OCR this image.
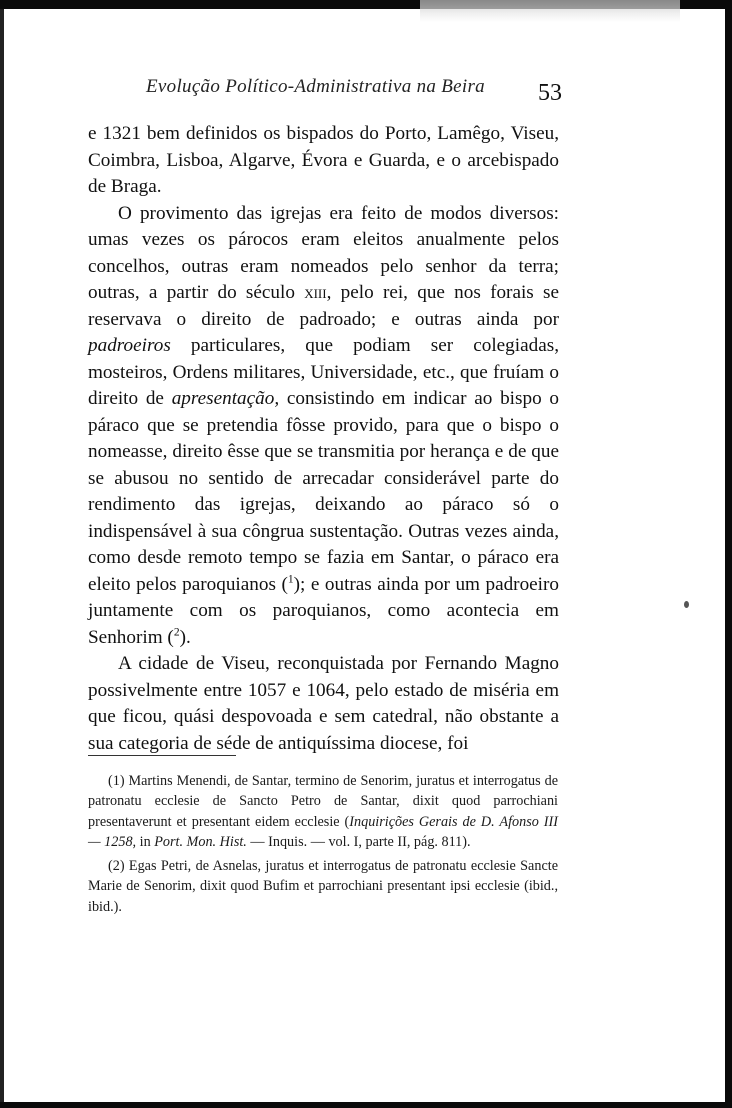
Evolução Político-Administrativa na Beira 53

e 1321 bem definidos os bispados do Porto, Lamêgo, Viseu, Coimbra, Lisboa, Algarve, Évora e Guarda, e o arcebispado de Braga.

O provimento das igrejas era feito de modos diversos: umas vezes os párocos eram eleitos anualmente pelos concelhos, outras eram nomeados pelo senhor da terra; outras, a partir do século xiii, pelo rei, que nos forais se reservava o direito de padroado; e outras ainda por padroeiros particulares, que podiam ser colegiadas, mosteiros, Ordens militares, Universidade, etc., que fruíam o direito de apresentação, consistindo em indicar ao bispo o páraco que se pretendia fôsse provido, para que o bispo o nomeasse, direito êsse que se transmitia por herança e de que se abusou no sentido de arrecadar considerável parte do rendimento das igrejas, deixando ao páraco só o indispensável à sua côngrua sustentação. Outras vezes ainda, como desde remoto tempo se fazia em Santar, o páraco era eleito pelos paroquianos ($^1$); e outras ainda por um padroeiro juntamente com os paroquianos, como acontecia em Senhorim ($^2$).

A cidade de Viseu, reconquistada por Fernando Magno possivelmente entre 1057 e 1064, pelo estado de miséria em que ficou, quási despovoada e sem catedral, não obstante a sua categoria de séde de antiquíssima diocese, foi

(1) Martins Menendi, de Santar, termino de Senorim, juratus et interrogatus de patronatu ecclesie de Sancto Petro de Santar, dixit quod parrochiani presentaverunt et presentant eidem ecclesie (Inquirições Gerais de D. Afonso III — 1258, in Port. Mon. Hist. — Inquis. — vol. I, parte II, pág. 811).

(2) Egas Petri, de Asnelas, juratus et interrogatus de patronatu ecclesie Sancte Marie de Senorim, dixit quod Bufim et parrochiani presentant ipsi ecclesie (ibid., ibid.).
